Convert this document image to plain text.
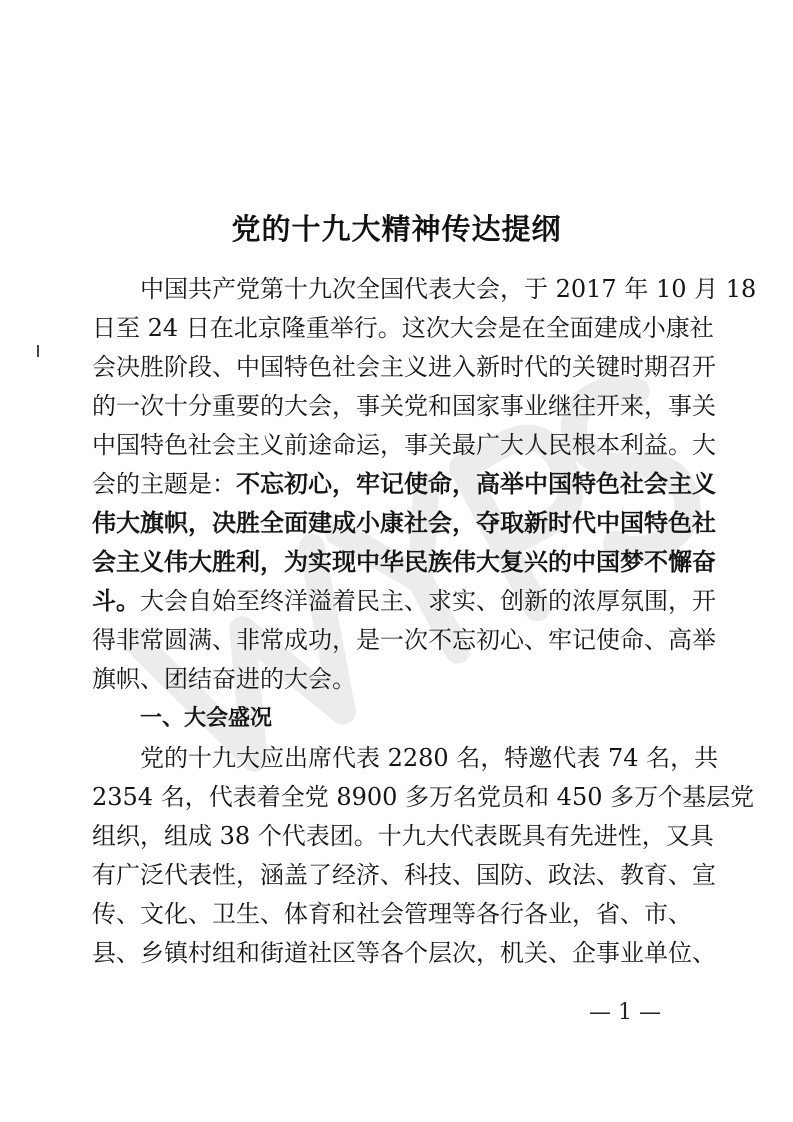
党的十九大精神传达提纲
中国共产党第十九次全国代表大会，于 2017 年 10 月 18
日至 24 日在北京隆重举行。这次大会是在全面建成小康社
会决胜阶段、中国特色社会主义进入新时代的关键时期召开
的一次十分重要的大会，事关党和国家事业继往开来，事关
中国特色社会主义前途命运，事关最广大人民根本利益。大
会的主题是：不忘初心，牢记使命，高举中国特色社会主义
伟大旗帜，决胜全面建成小康社会，夺取新时代中国特色社
会主义伟大胜利，为实现中华民族伟大复兴的中国梦不懈奋
斗。大会自始至终洋溢着民主、求实、创新的浓厚氛围，开
得非常圆满、非常成功，是一次不忘初心、牢记使命、高举
旗帜、团结奋进的大会。
一、大会盛况
党的十九大应出席代表 2280 名，特邀代表 74 名，共
2354 名，代表着全党 8900 多万名党员和 450 多万个基层党
组织，组成 38 个代表团。十九大代表既具有先进性，又具
有广泛代表性，涵盖了经济、科技、国防、政法、教育、宣
传、文化、卫生、体育和社会管理等各行各业，省、市、
县、乡镇村组和街道社区等各个层次，机关、企事业单位、
— 1 —
